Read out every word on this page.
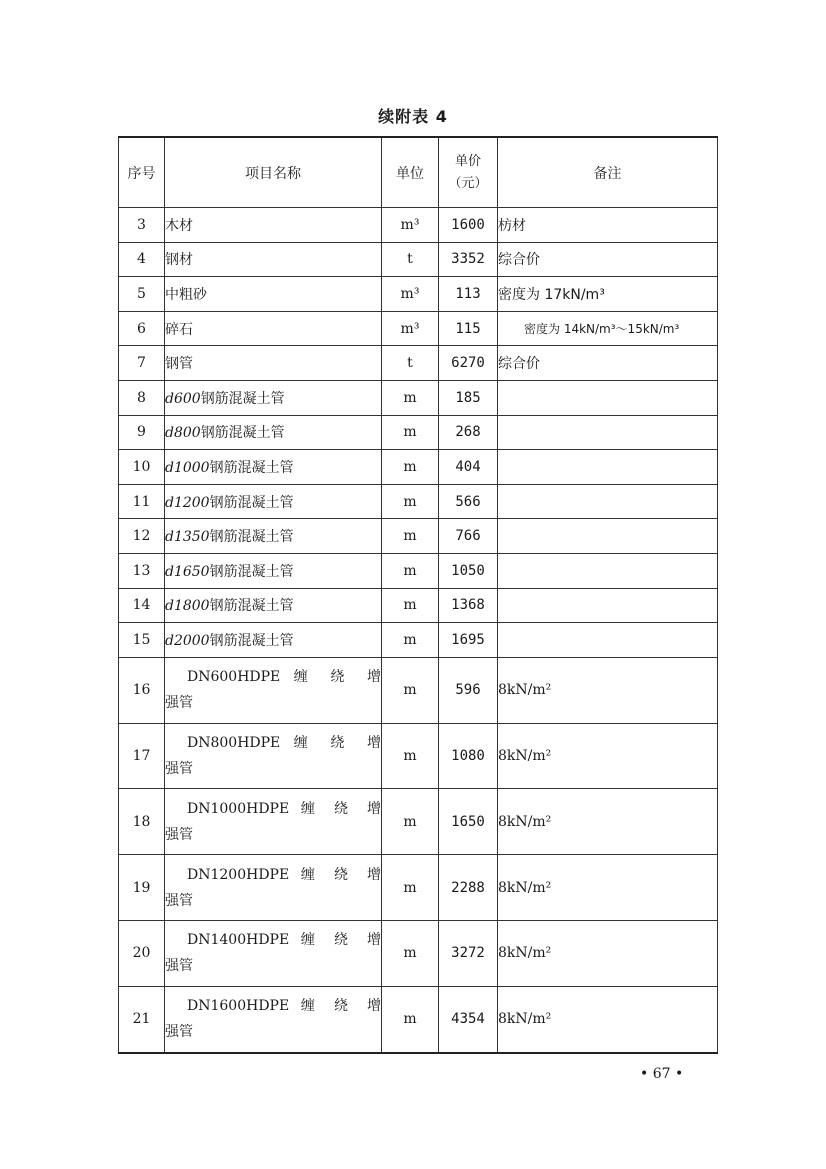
续附表 4
序号	项目名称	单位	单价
（元）	备注
3	木材	m³	1600	枋材
4	钢材	t	3352	综合价
5	中粗砂	m³	113	密度为 17kN/m³
6	碎石	m³	115	密度为 14kN/m³～15kN/m³
7	钢管	t	6270	综合价
8	d600钢筋混凝土管	m	185	
9	d800钢筋混凝土管	m	268	
10	d1000钢筋混凝土管	m	404	
11	d1200钢筋混凝土管	m	566	
12	d1350钢筋混凝土管	m	766	
13	d1650钢筋混凝土管	m	1050	
14	d1800钢筋混凝土管	m	1368	
15	d2000钢筋混凝土管	m	1695	
16	DN600HDPE 缠 绕 增
强管	m	596	8kN/m²
17	DN800HDPE 缠 绕 增
强管	m	1080	8kN/m²
18	DN1000HDPE 缠 绕 增
强管	m	1650	8kN/m²
19	DN1200HDPE 缠 绕 增
强管	m	2288	8kN/m²
20	DN1400HDPE 缠 绕 增
强管	m	3272	8kN/m²
21	DN1600HDPE 缠 绕 增
强管	m	4354	8kN/m²
• 67 •
